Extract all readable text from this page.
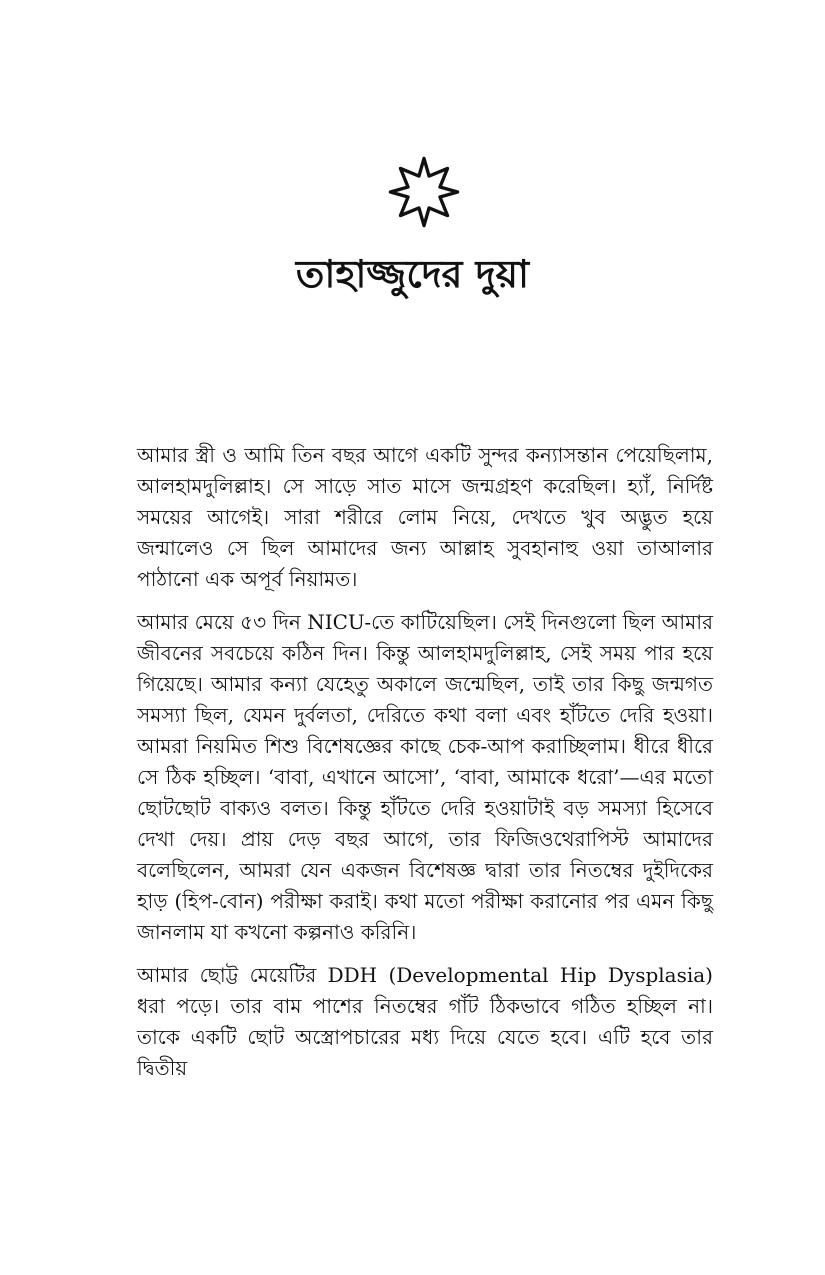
তাহাজ্জুদের দুয়া

আমার স্ত্রী ও আমি তিন বছর আগে একটি সুন্দর কন্যাসন্তান পেয়েছিলাম, আলহামদুলিল্লাহ। সে সাড়ে সাত মাসে জন্মগ্রহণ করেছিল। হ্যাঁ, নির্দিষ্ট সময়ের আগেই। সারা শরীরে লোম নিয়ে, দেখতে খুব অদ্ভুত হয়ে জন্মালেও সে ছিল আমাদের জন্য আল্লাহ সুবহানাহু ওয়া তাআলার পাঠানো এক অপূর্ব নিয়ামত।

আমার মেয়ে ৫৩ দিন NICU-তে কাটিয়েছিল। সেই দিনগুলো ছিল আমার জীবনের সবচেয়ে কঠিন দিন। কিন্তু আলহামদুলিল্লাহ, সেই সময় পার হয়ে গিয়েছে। আমার কন্যা যেহেতু অকালে জন্মেছিল, তাই তার কিছু জন্মগত সমস্যা ছিল, যেমন দুর্বলতা, দেরিতে কথা বলা এবং হাঁটতে দেরি হওয়া। আমরা নিয়মিত শিশু বিশেষজ্ঞের কাছে চেক-আপ করাচ্ছিলাম। ধীরে ধীরে সে ঠিক হচ্ছিল। ‘বাবা, এখানে আসো’, ‘বাবা, আমাকে ধরো’—এর মতো ছোটছোট বাক্যও বলত। কিন্তু হাঁটতে দেরি হওয়াটাই বড় সমস্যা হিসেবে দেখা দেয়। প্রায় দেড় বছর আগে, তার ফিজিওথেরাপিস্ট আমাদের বলেছিলেন, আমরা যেন একজন বিশেষজ্ঞ দ্বারা তার নিতম্বের দুইদিকের হাড় (হিপ-বোন) পরীক্ষা করাই। কথা মতো পরীক্ষা করানোর পর এমন কিছু জানলাম যা কখনো কল্পনাও করিনি।

আমার ছোট্ট মেয়েটির DDH (Developmental Hip Dysplasia) ধরা পড়ে। তার বাম পাশের নিতম্বের গাঁট ঠিকভাবে গঠিত হচ্ছিল না। তাকে একটি ছোট অস্ত্রোপচারের মধ্য দিয়ে যেতে হবে। এটি হবে তার দ্বিতীয়
